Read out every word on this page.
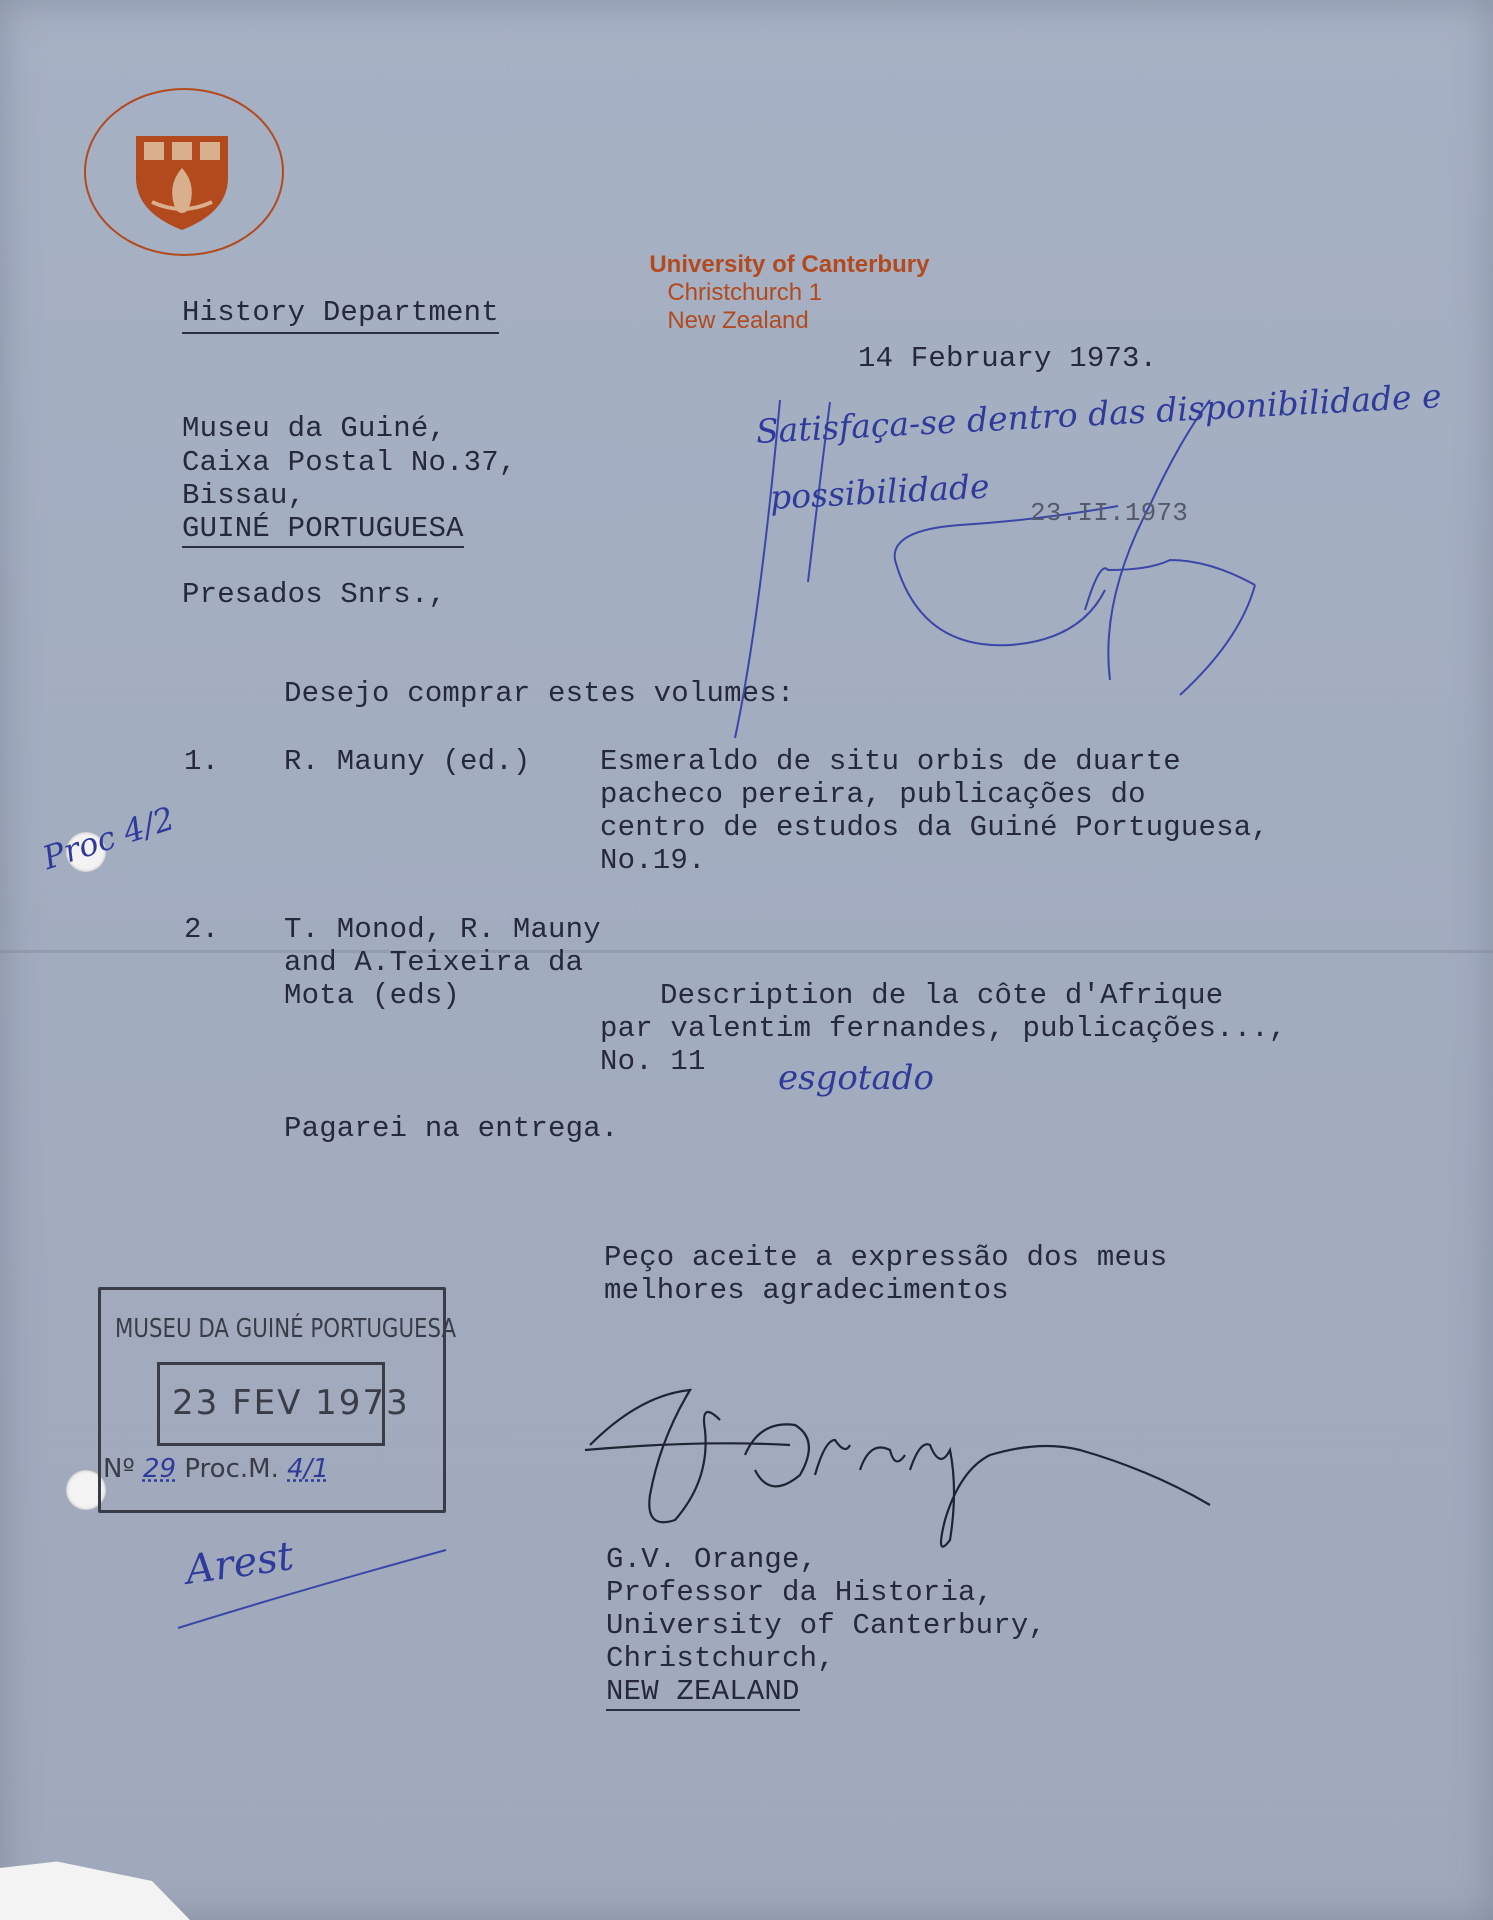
University of Canterbury
Christchurch 1
New Zealand

History Department
14 February 1973.
Museu da Guiné,
Caixa Postal No.37,
Bissau,
GUINÉ PORTUGUESA
Presados Snrs.,
Desejo comprar estes volumes:
1. R. Mauny (ed.) Esmeraldo de situ orbis de duarte
pacheco pereira, publicações do
centro de estudos da Guiné Portuguesa,
No.19.
2. T. Monod, R. Mauny
and A.Teixeira da
Mota (eds)	Description de la côte d'Afrique
par valentim fernandes, publicações...,
No. 11
Pagarei na entrega.
Peço aceite a expressão dos meus
melhores agradecimentos
Satisfaça-se dentro das disponibilidade e
possibilidade 23.II.1973
esgotado
Proc 4/2
Arest
MUSEU DA GUINÉ PORTUGUESA
23 FEV 1973
Nº 29 Proc.M. 4/1
G.V. Orange,
Professor da Historia,
University of Canterbury,
Christchurch,
NEW ZEALAND
